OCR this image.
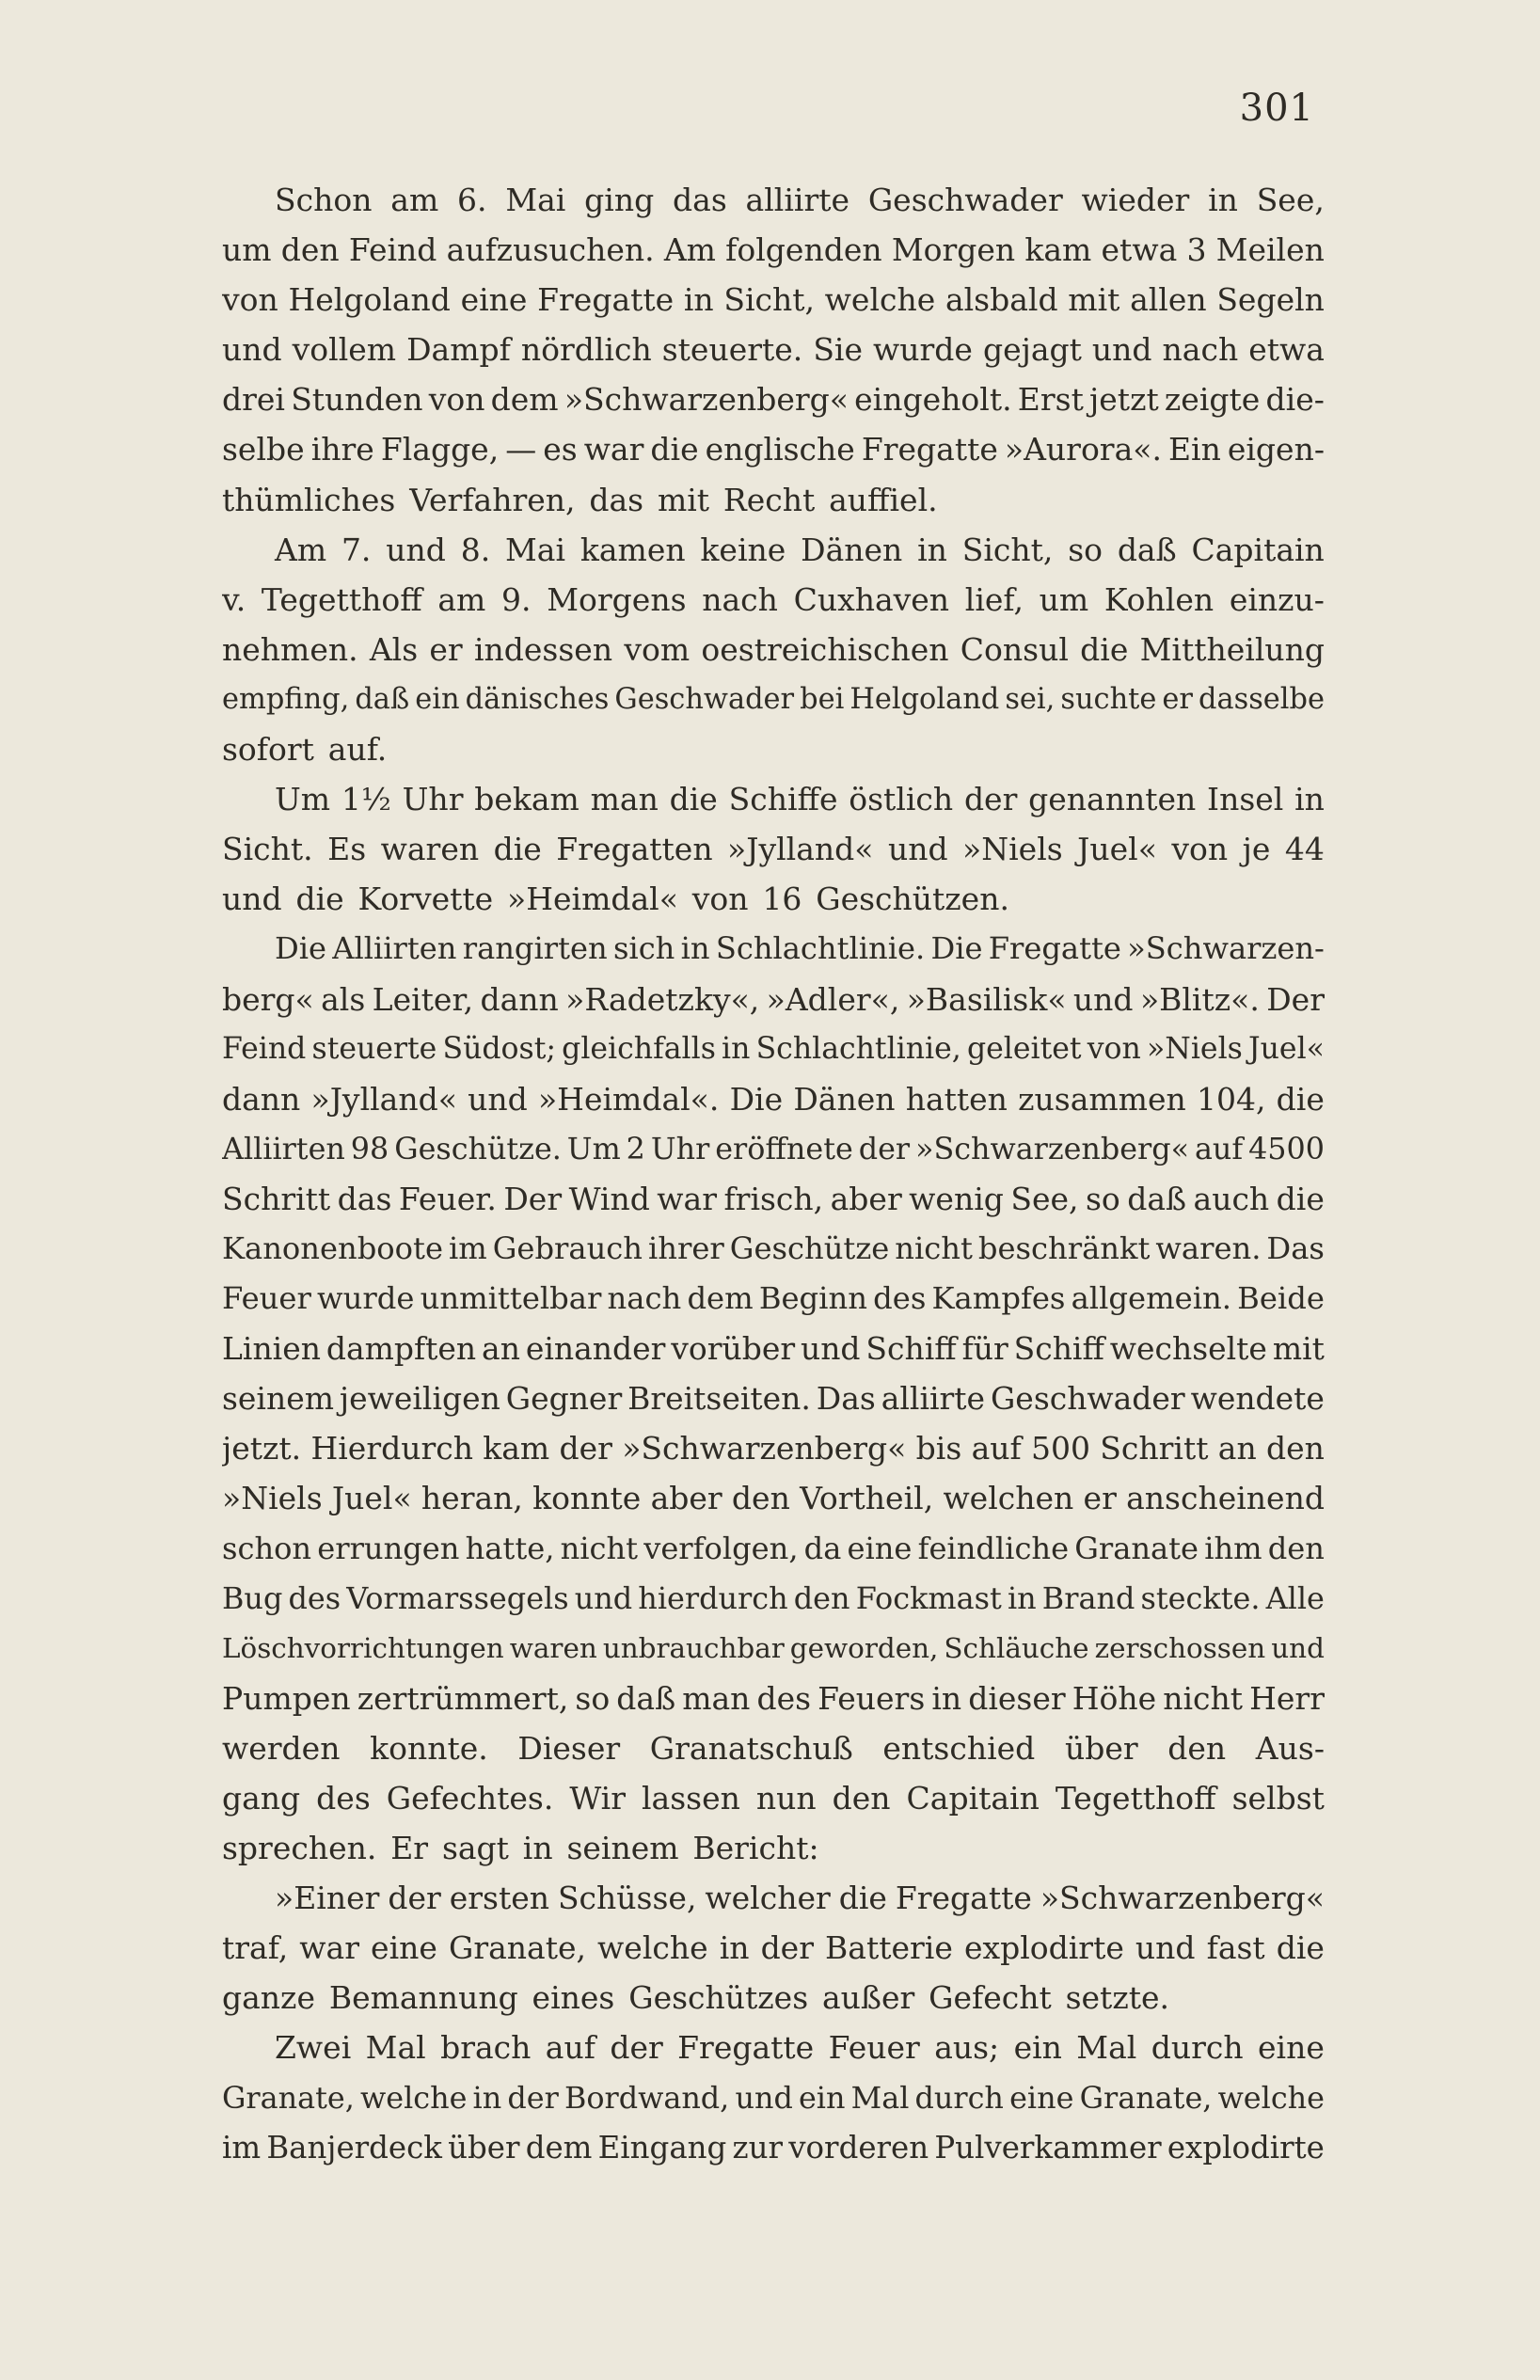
301
Schon am 6. Mai ging das alliirte Geschwader wieder in See,
um den Feind aufzusuchen. Am folgenden Morgen kam etwa 3 Meilen
von Helgoland eine Fregatte in Sicht, welche alsbald mit allen Segeln
und vollem Dampf nördlich steuerte. Sie wurde gejagt und nach etwa
drei Stunden von dem »Schwarzenberg« eingeholt. Erst jetzt zeigte die-
selbe ihre Flagge, — es war die englische Fregatte »Aurora«. Ein eigen-
thümliches Verfahren, das mit Recht auffiel.
Am 7. und 8. Mai kamen keine Dänen in Sicht, so daß Capitain
v. Tegetthoff am 9. Morgens nach Cuxhaven lief, um Kohlen einzu-
nehmen. Als er indessen vom oestreichischen Consul die Mittheilung
empfing, daß ein dänisches Geschwader bei Helgoland sei, suchte er dasselbe
sofort auf.
Um 1½ Uhr bekam man die Schiffe östlich der genannten Insel in
Sicht. Es waren die Fregatten »Jylland« und »Niels Juel« von je 44
und die Korvette »Heimdal« von 16 Geschützen.
Die Alliirten rangirten sich in Schlachtlinie. Die Fregatte »Schwarzen-
berg« als Leiter, dann »Radetzky«, »Adler«, »Basilisk« und »Blitz«. Der
Feind steuerte Südost; gleichfalls in Schlachtlinie, geleitet von »Niels Juel«
dann »Jylland« und »Heimdal«. Die Dänen hatten zusammen 104, die
Alliirten 98 Geschütze. Um 2 Uhr eröffnete der »Schwarzenberg« auf 4500
Schritt das Feuer. Der Wind war frisch, aber wenig See, so daß auch die
Kanonenboote im Gebrauch ihrer Geschütze nicht beschränkt waren. Das
Feuer wurde unmittelbar nach dem Beginn des Kampfes allgemein. Beide
Linien dampften an einander vorüber und Schiff für Schiff wechselte mit
seinem jeweiligen Gegner Breitseiten. Das alliirte Geschwader wendete
jetzt. Hierdurch kam der »Schwarzenberg« bis auf 500 Schritt an den
»Niels Juel« heran, konnte aber den Vortheil, welchen er anscheinend
schon errungen hatte, nicht verfolgen, da eine feindliche Granate ihm den
Bug des Vormarssegels und hierdurch den Fockmast in Brand steckte. Alle
Löschvorrichtungen waren unbrauchbar geworden, Schläuche zerschossen und
Pumpen zertrümmert, so daß man des Feuers in dieser Höhe nicht Herr
werden konnte. Dieser Granatschuß entschied über den Aus-
gang des Gefechtes. Wir lassen nun den Capitain Tegetthoff selbst
sprechen. Er sagt in seinem Bericht:
»Einer der ersten Schüsse, welcher die Fregatte »Schwarzenberg«
traf, war eine Granate, welche in der Batterie explodirte und fast die
ganze Bemannung eines Geschützes außer Gefecht setzte.
Zwei Mal brach auf der Fregatte Feuer aus; ein Mal durch eine
Granate, welche in der Bordwand, und ein Mal durch eine Granate, welche
im Banjerdeck über dem Eingang zur vorderen Pulverkammer explodirte
